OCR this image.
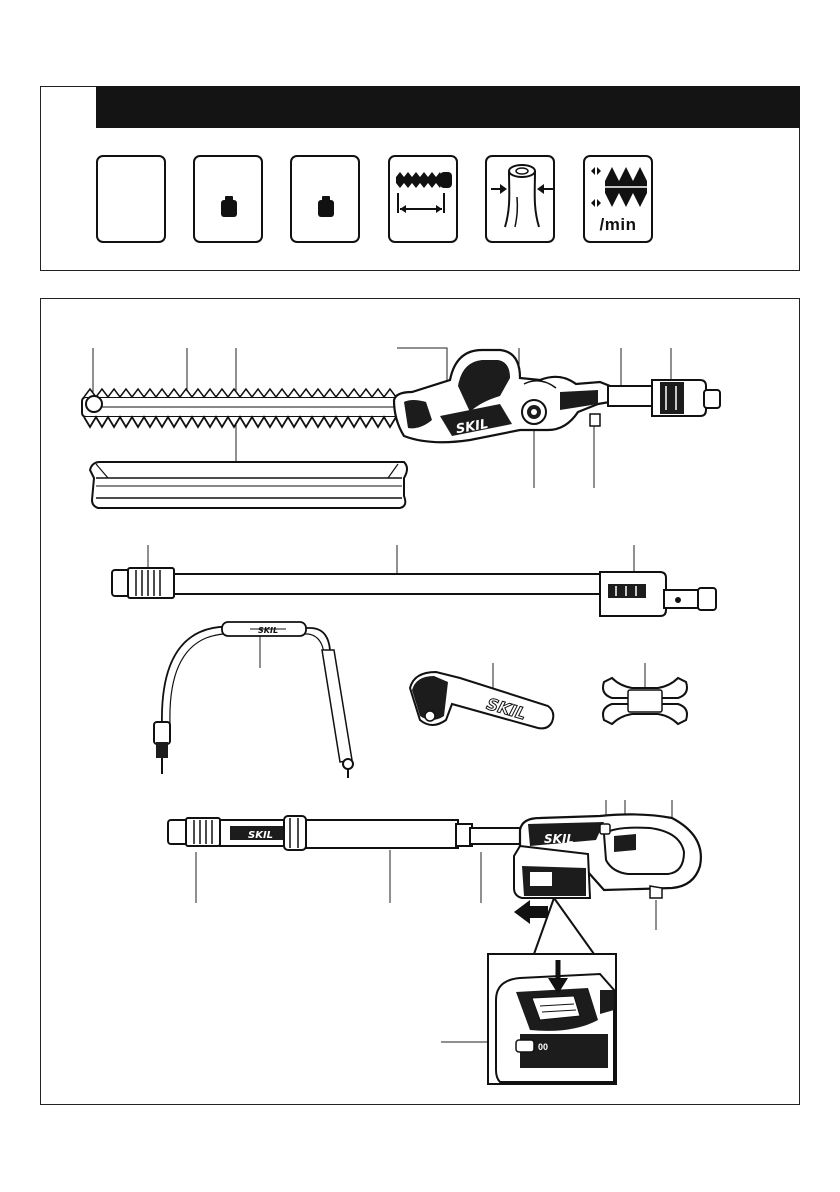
/min
SKIL
SKIL
SKIL
SKIL	SKIL
00
